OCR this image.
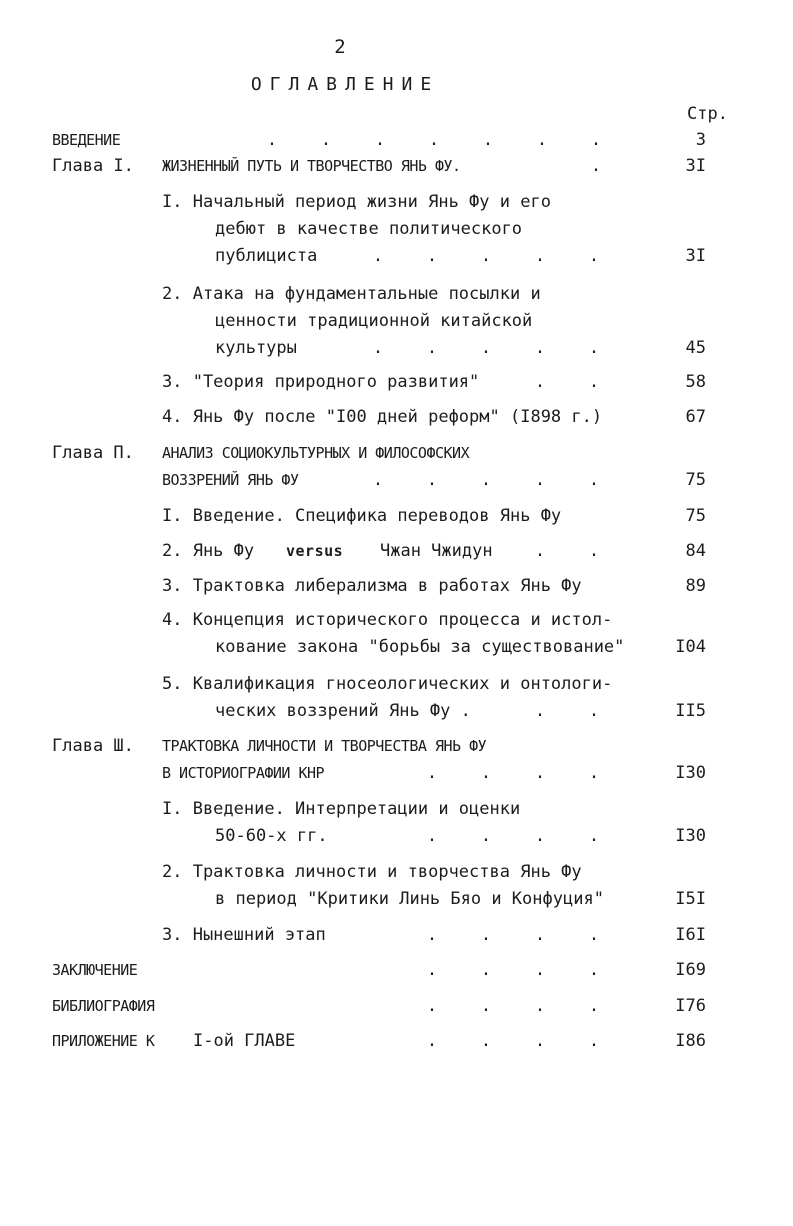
2
ОГЛАВЛЕНИЕ
Стр.
ВВЕДЕНИЕ	. . . . . . .	3
Глава I. ЖИЗНЕННЫЙ ПУТЬ И ТВОРЧЕСТВО ЯНЬ ФУ.	.	3I
I. Начальный период жизни Янь Фу и его
дебют в качестве политического
публициста	. . . . .	3I
2. Атака на фундаментальные посылки и
ценности традиционной китайской
культуры	. . . . .	45
3. "Теория природного развития"	. .	58
4. Янь Фу после "I00 дней реформ" (I898 г.)	67
Глава П. АНАЛИЗ СОЦИОКУЛЬТУРНЫХ И ФИЛОСОФСКИХ
ВОЗЗРЕНИЙ ЯНЬ ФУ	. . . . .	75
I. Введение. Специфика переводов Янь Фу	75
2. Янь Фу versus Чжан Чжидун	. .	84
3. Трактовка либерализма в работах Янь Фу	89
4. Концепция исторического процесса и истол-
кование закона "борьбы за существование"	I04
5. Квалификация гносеологических и онтологи-
ческих воззрений Янь Фу .	. .	II5
Глава Ш. ТРАКТОВКА ЛИЧНОСТИ И ТВОРЧЕСТВА ЯНЬ ФУ
В ИСТОРИОГРАФИИ КНР	. . . .	I30
I. Введение. Интерпретации и оценки
50-60-х гг.	. . . .	I30
2. Трактовка личности и творчества Янь Фу
в период "Критики Линь Бяо и Конфуция"	I5I
3. Нынешний этап	. . . .	I6I
ЗАКЛЮЧЕНИЕ	. . . .	I69
БИБЛИОГРАФИЯ	. . . .	I76
ПРИЛОЖЕНИЕ К I-ой ГЛАВЕ	. . . .	I86
